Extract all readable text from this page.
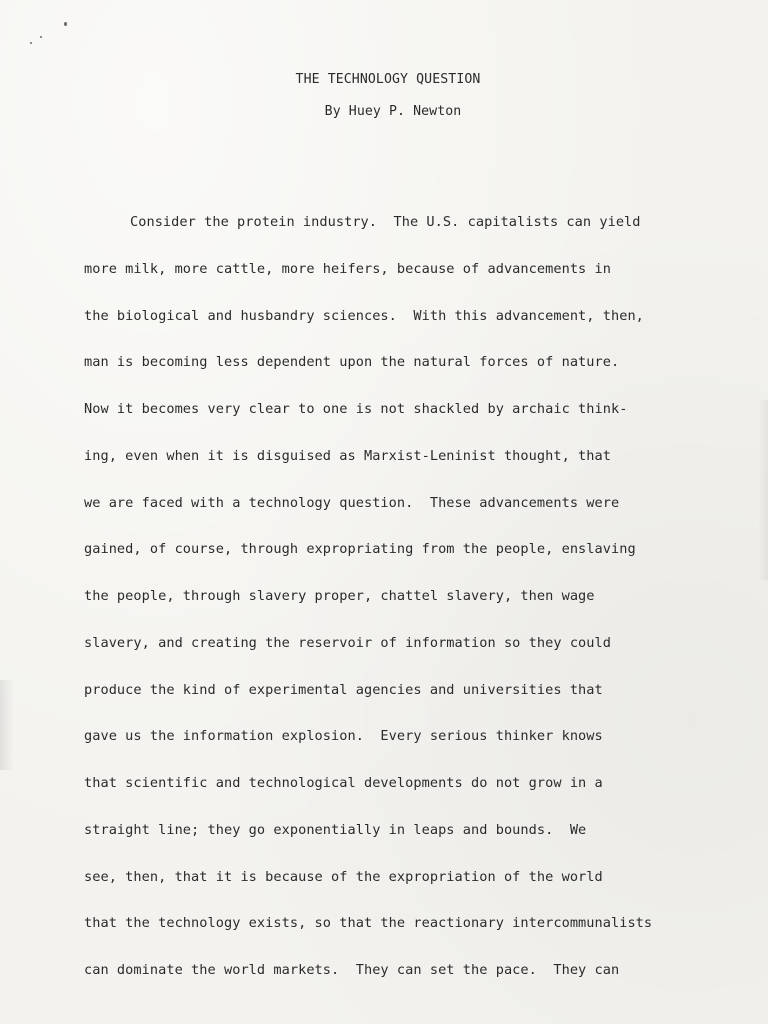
THE TECHNOLOGY QUESTION
By Huey P. Newton
Consider the protein industry.  The U.S. capitalists can yield
more milk, more cattle, more heifers, because of advancements in
the biological and husbandry sciences.  With this advancement, then,
man is becoming less dependent upon the natural forces of nature.
Now it becomes very clear to one is not shackled by archaic think-
ing, even when it is disguised as Marxist-Leninist thought, that
we are faced with a technology question.  These advancements were
gained, of course, through expropriating from the people, enslaving
the people, through slavery proper, chattel slavery, then wage
slavery, and creating the reservoir of information so they could
produce the kind of experimental agencies and universities that
gave us the information explosion.  Every serious thinker knows
that scientific and technological developments do not grow in a
straight line; they go exponentially in leaps and bounds.  We
see, then, that it is because of the expropriation of the world
that the technology exists, so that the reactionary intercommunalists
can dominate the world markets.  They can set the pace.  They can
